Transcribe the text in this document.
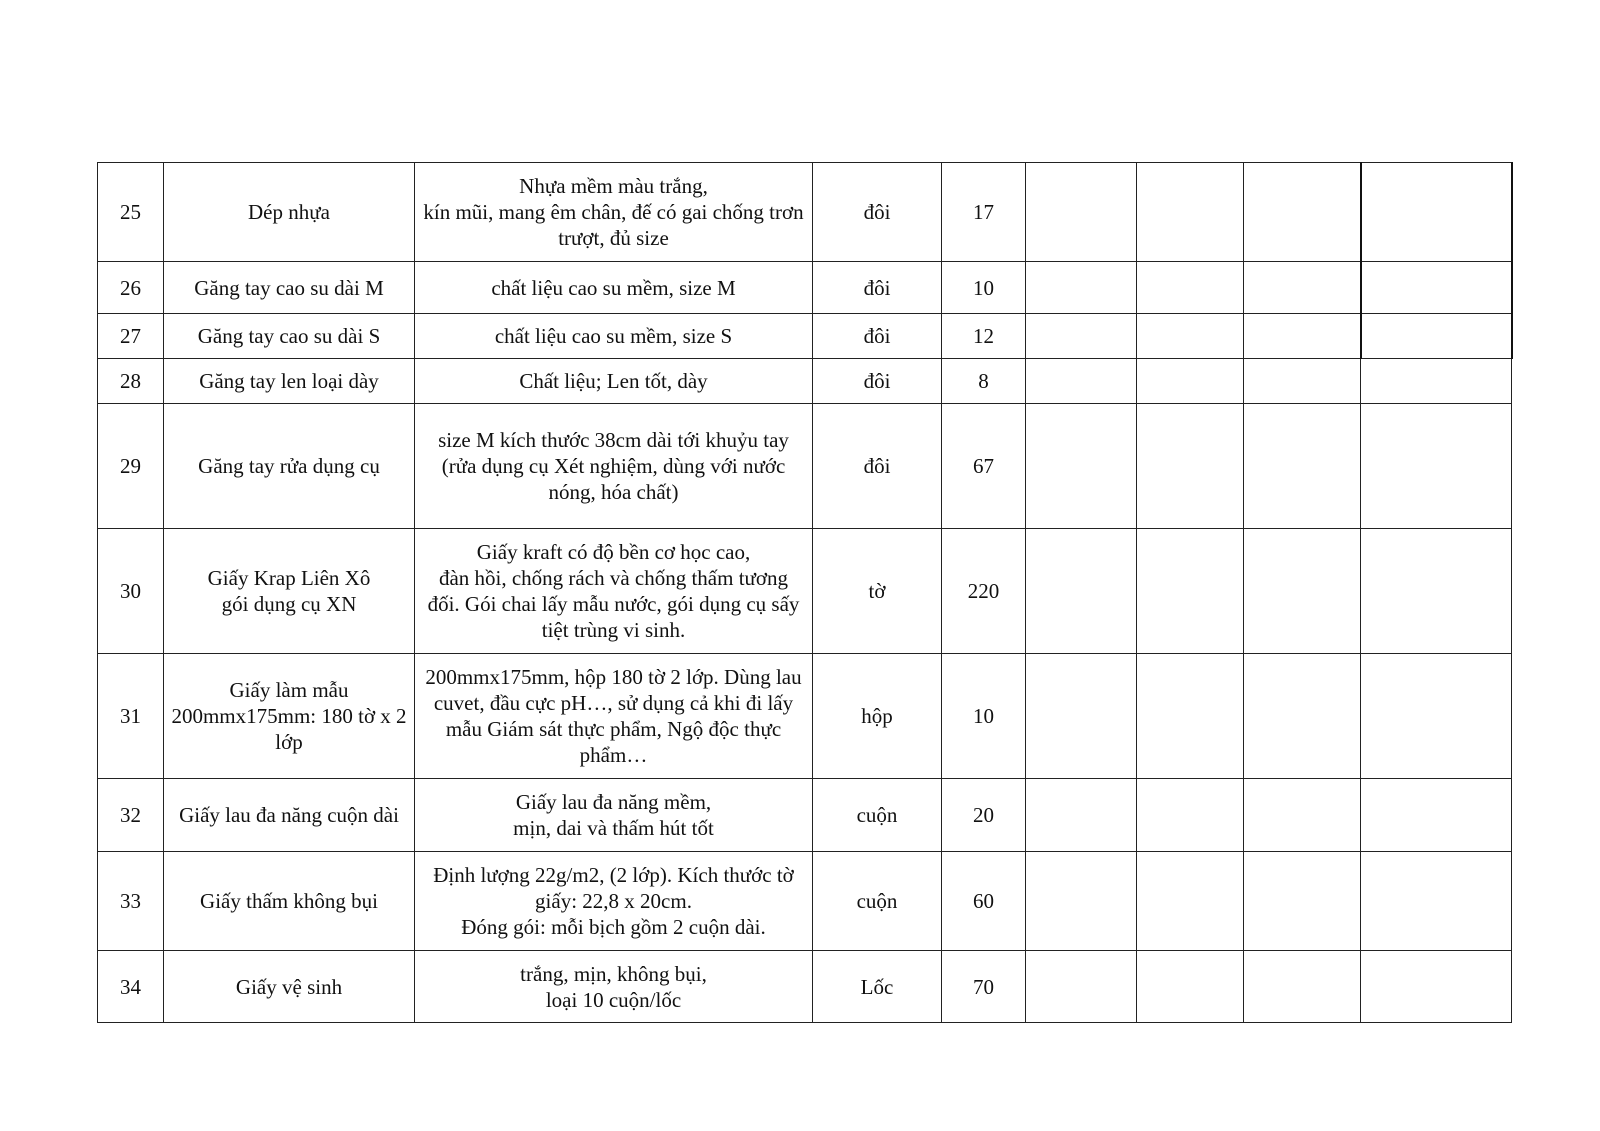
25	Dép nhựa	Nhựa mềm màu trắng,
kín mũi, mang êm chân, đế có gai chống trơn trượt, đủ size	đôi	17				
26	Găng tay cao su dài M	chất liệu cao su mềm, size M	đôi	10				
27	Găng tay cao su dài S	chất liệu cao su mềm, size S	đôi	12				
28	Găng tay len loại dày	Chất liệu; Len tốt, dày	đôi	8				
29	Găng tay rửa dụng cụ	size M kích thước 38cm dài tới khuỷu tay
(rửa dụng cụ Xét nghiệm, dùng với nước nóng, hóa chất)	đôi	67				
30	Giấy Krap Liên Xô
gói dụng cụ XN	Giấy kraft có độ bền cơ học cao,
đàn hồi, chống rách và chống thấm tương đối. Gói chai lấy mẫu nước, gói dụng cụ sấy tiệt trùng vi sinh.	tờ	220				
31	Giấy làm mẫu 200mmx175mm: 180 tờ x 2 lớp	200mmx175mm, hộp 180 tờ 2 lớp. Dùng lau cuvet, đầu cực pH…, sử dụng cả khi đi lấy mẫu Giám sát thực phẩm, Ngộ độc thực phẩm…	hộp	10				
32	Giấy lau đa năng cuộn dài	Giấy lau đa năng mềm,
mịn, dai và thấm hút tốt	cuộn	20				
33	Giấy thấm không bụi	Định lượng 22g/m2, (2 lớp). Kích thước tờ giấy: 22,8 x 20cm.
Đóng gói: mỗi bịch gồm 2 cuộn dài.	cuộn	60				
34	Giấy vệ sinh	trắng, mịn, không bụi,
loại 10 cuộn/lốc	Lốc	70				
